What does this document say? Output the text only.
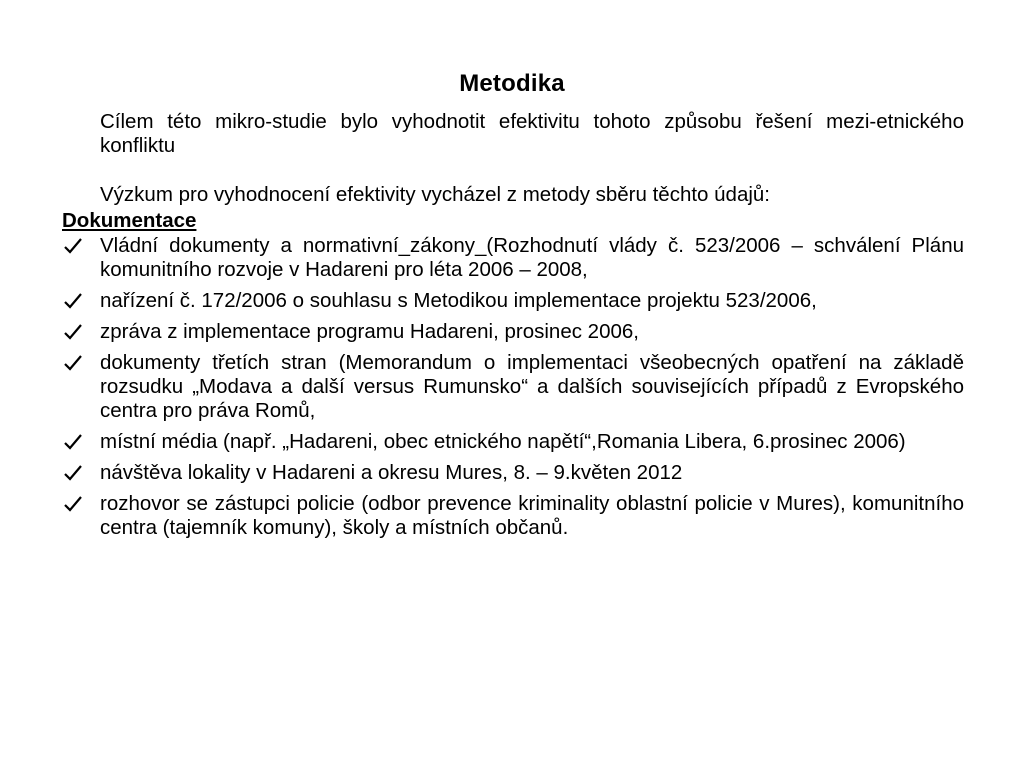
Metodika

Cílem této mikro-studie bylo vyhodnotit efektivitu tohoto způsobu řešení mezi-etnického konfliktu

Výzkum pro vyhodnocení efektivity vycházel z metody sběru těchto údajů:

Dokumentace
Vládní dokumenty a normativní_zákony_(Rozhodnutí vlády č. 523/2006 – schválení Plánu komunitního rozvoje v Hadareni pro léta 2006 – 2008,
nařízení č. 172/2006 o souhlasu s Metodikou implementace projektu 523/2006,
zpráva z implementace programu Hadareni, prosinec 2006,
dokumenty třetích stran (Memorandum o implementaci všeobecných opatření na základě rozsudku „Modava a další versus Rumunsko“ a dalších souvisejících případů z Evropského centra pro práva Romů,
místní média (např. „Hadareni, obec etnického napětí“,Romania Libera, 6.prosinec 2006)
návštěva lokality v Hadareni a okresu Mures, 8. – 9.květen 2012
rozhovor se zástupci policie (odbor prevence kriminality oblastní policie v Mures), komunitního centra (tajemník komuny), školy a místních občanů.
